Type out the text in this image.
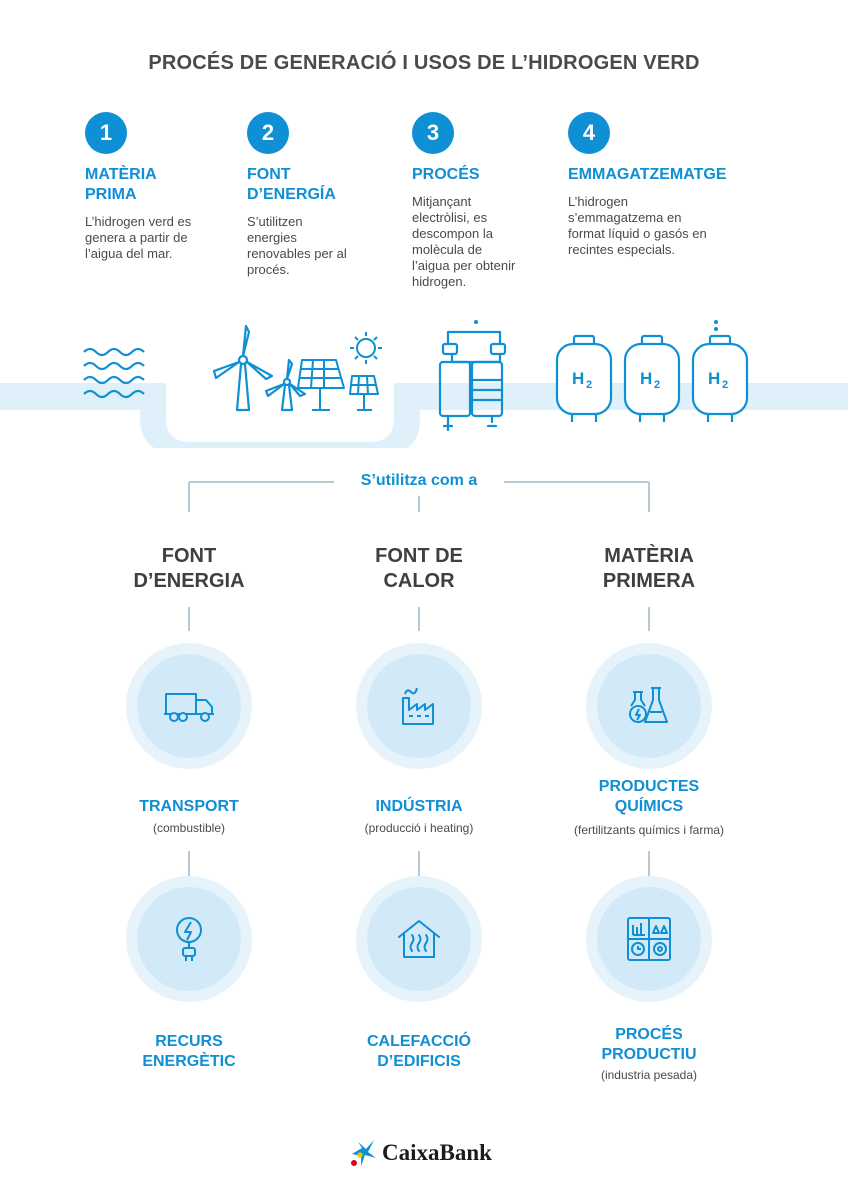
PROCÉS DE GENERACIÓ I USOS DE L’HIDROGEN VERD
1
MATÈRIA
PRIMA
L’hidrogen verd es
genera a partir de
l’aigua del mar.
2
FONT
D’ENERGÍA
S’utilitzen
energies
renovables per al
procés.
3
PROCÉS
Mitjançant
electròlisi, es
descompon la
molècula de
l’aigua per obtenir
hidrogen.
4
EMMAGATZEMATGE
L’hidrogen
s’emmagatzema en
format líquid o gasós en
recintes especials.
H 2	H 2	H 2
S’utilitza com a
FONT
D’ENERGIA
FONT DE
CALOR
MATÈRIA
PRIMERA
TRANSPORT
(combustible)
INDÚSTRIA
(producció i heating)
PRODUCTES
QUÍMICS
(fertilitzants químics i farma)
RECURS
ENERGÈTIC
CALEFACCIÓ
D’EDIFICIS
PROCÉS
PRODUCTIU
(industria pesada)
CaixaBank
